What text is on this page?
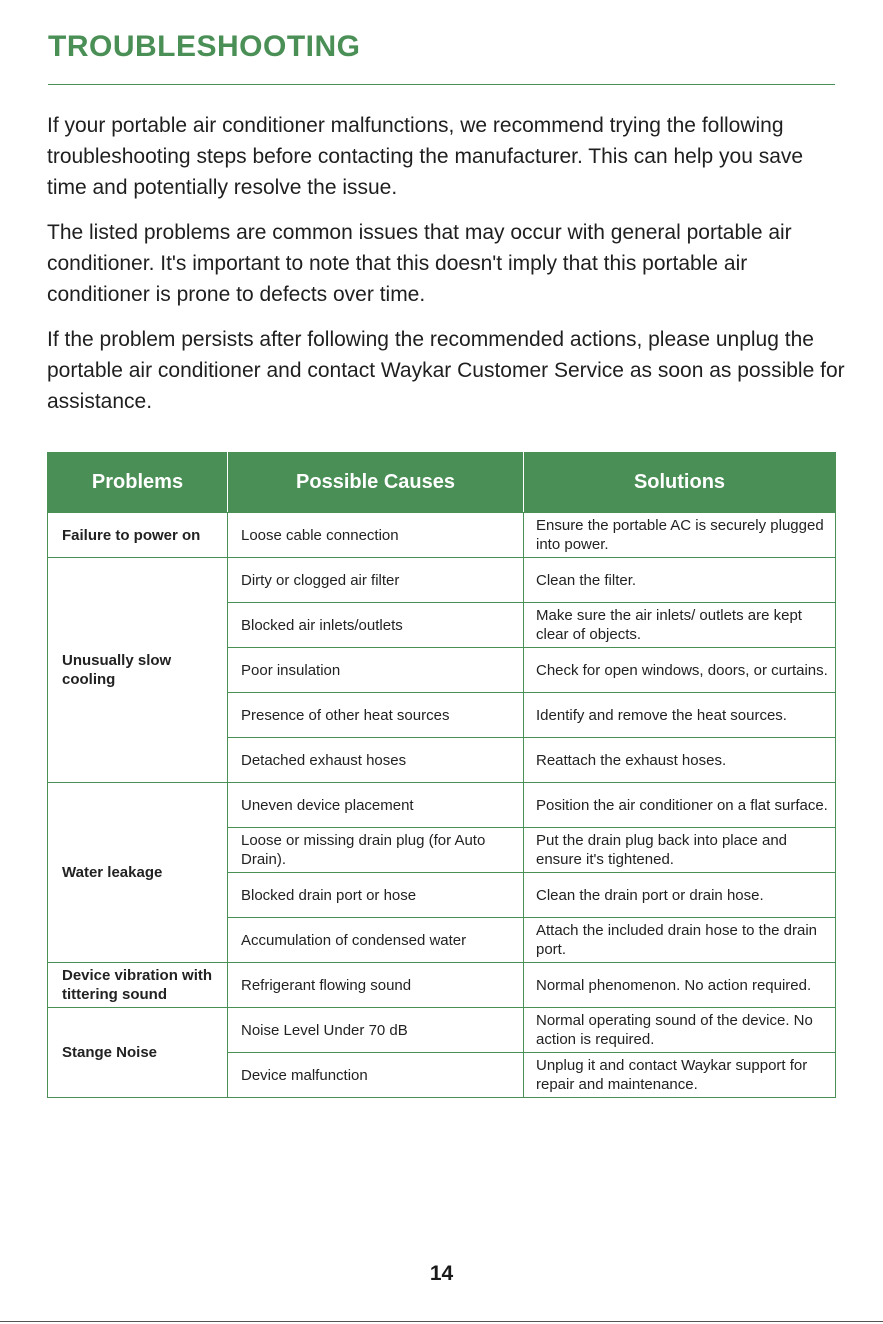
TROUBLESHOOTING

If your portable air conditioner malfunctions, we recommend trying the following troubleshooting steps before contacting the manufacturer. This can help you save time and potentially resolve the issue.

The listed problems are common issues that may occur with general portable air conditioner. It's important to note that this doesn't imply that this portable air conditioner is prone to defects over time.

If the problem persists after following the recommended actions, please unplug the portable air conditioner and contact Waykar Customer Service as soon as possible for assistance.

Problems	Possible Causes	Solutions
Failure to power on	Loose cable connection	Ensure the portable AC is securely plugged into power.
Unusually slow cooling	Dirty or clogged air filter	Clean the filter.
	Blocked air inlets/outlets	Make sure the air inlets/ outlets are kept clear of objects.
	Poor insulation	Check for open windows, doors, or curtains.
	Presence of other heat sources	Identify and remove the heat sources.
	Detached exhaust hoses	Reattach the exhaust hoses.
Water leakage	Uneven device placement	Position the air conditioner on a flat surface.
	Loose or missing drain plug (for Auto Drain).	Put the drain plug back into place and ensure it's tightened.
	Blocked drain port or hose	Clean the drain port or drain hose.
	Accumulation of condensed water	Attach the included drain hose to the drain port.
Device vibration with tittering sound	Refrigerant flowing sound	Normal phenomenon. No action required.
Stange Noise	Noise Level Under 70 dB	Normal operating sound of the device. No action is required.
	Device malfunction	Unplug it and contact Waykar support for repair and maintenance.
14
